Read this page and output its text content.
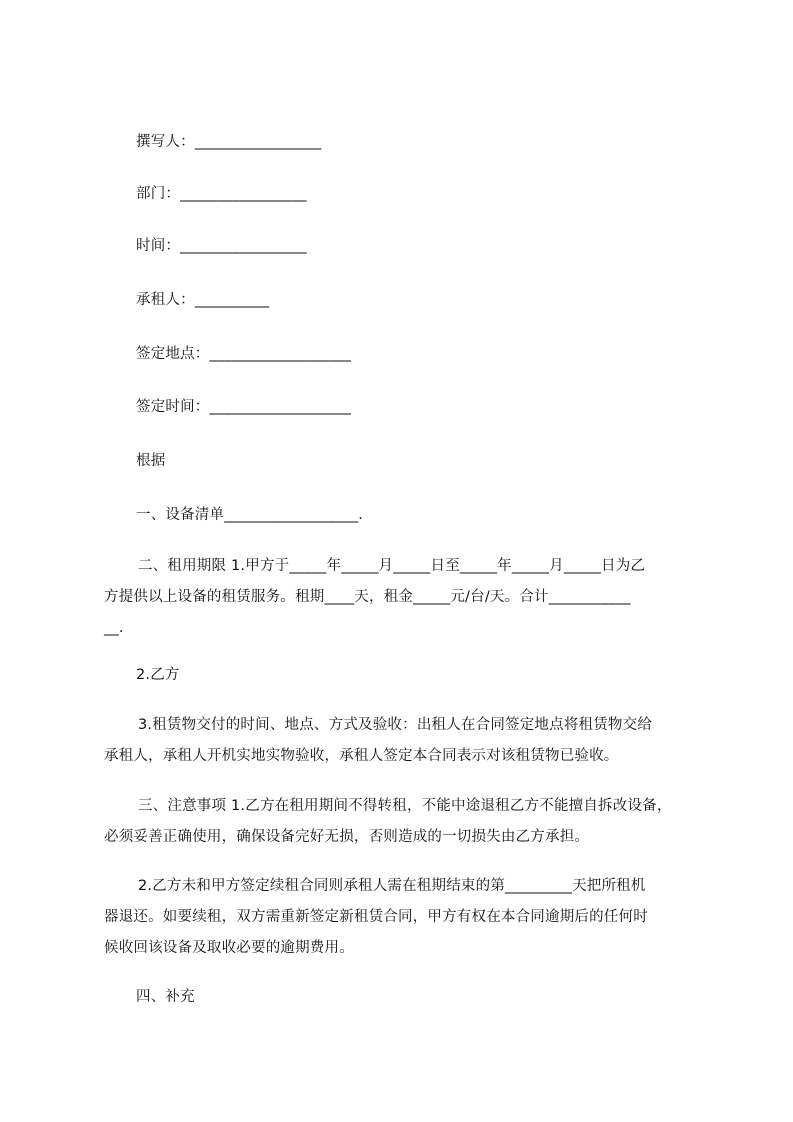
撰写人：_________________
部门：_________________
时间：_________________
承租人：__________
签定地点：___________________
签定时间：___________________
根据
一、设备清单__________________.
二、租用期限 1.甲方于_____年_____月_____日至_____年_____月_____日为乙
方提供以上设备的租赁服务。租期____天，租金_____元/台/天。合计___________
__.
2.乙方
3.租赁物交付的时间、地点、方式及验收：出租人在合同签定地点将租赁物交给
承租人，承租人开机实地实物验收，承租人签定本合同表示对该租赁物已验收。
三、注意事项 1.乙方在租用期间不得转租，不能中途退租乙方不能擅自拆改设备，
必须妥善正确使用，确保设备完好无损，否则造成的一切损失由乙方承担。
2.乙方未和甲方签定续租合同则承租人需在租期结束的第_________天把所租机
器退还。如要续租，双方需重新签定新租赁合同，甲方有权在本合同逾期后的任何时
候收回该设备及取收必要的逾期费用。
四、补充
